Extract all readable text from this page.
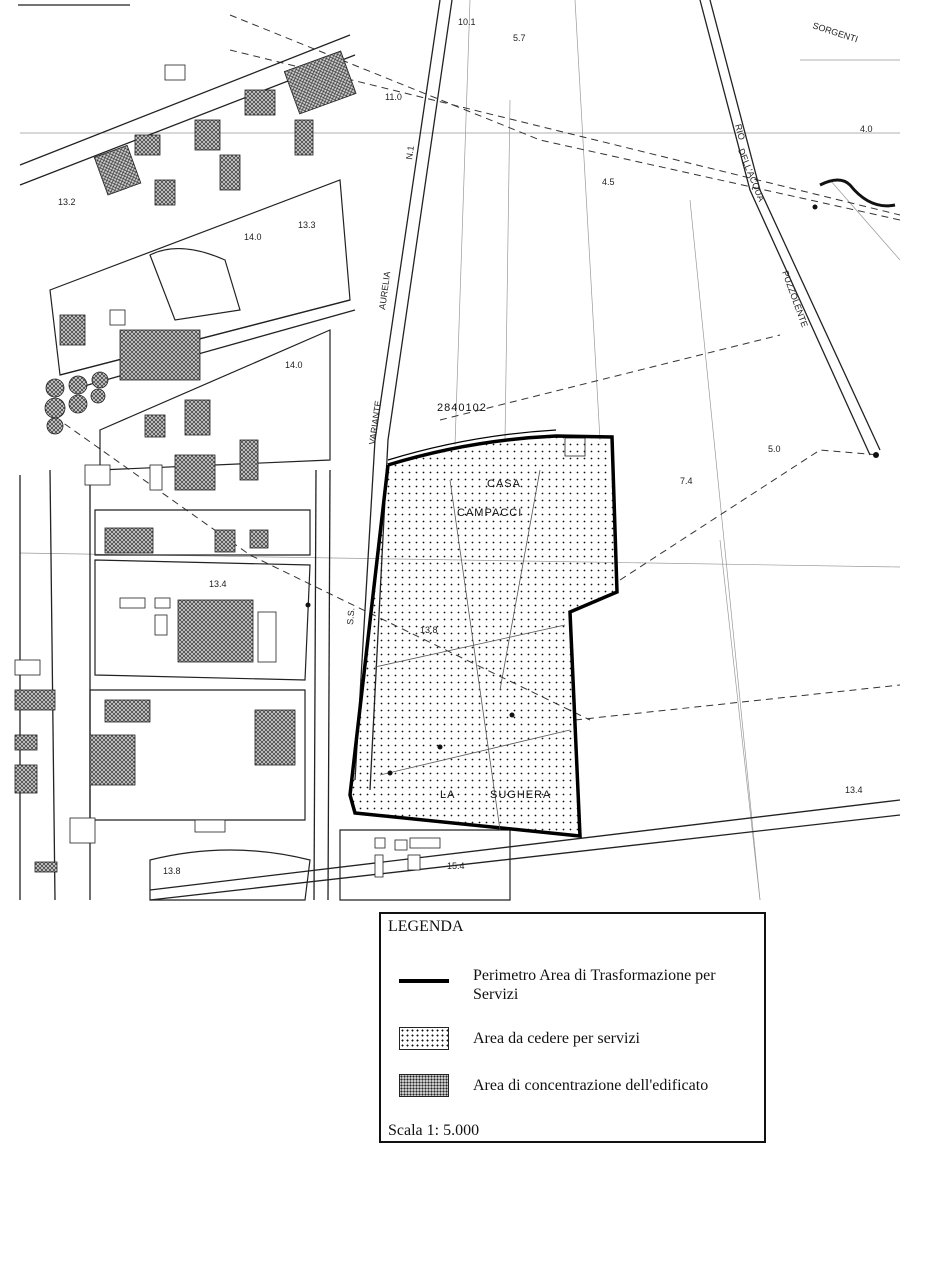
CASA
CAMPACCI
LA	SUGHERA
2840102
AURELIA
VARIANTE
S.S.
N.1
RIO
DELL'ACQUA
SORGENTI
PUZZOLENTE
10.1
5.7
11.0
4.0
4.5
13.2
14.0
13.3
14.0
5.0
7.4
13.4
13.8
13.4
13.8	15.4
LEGENDA
Perimetro Area di Trasformazione per Servizi
Area da cedere per servizi
Area di concentrazione dell'edificato
Scala 1: 5.000
